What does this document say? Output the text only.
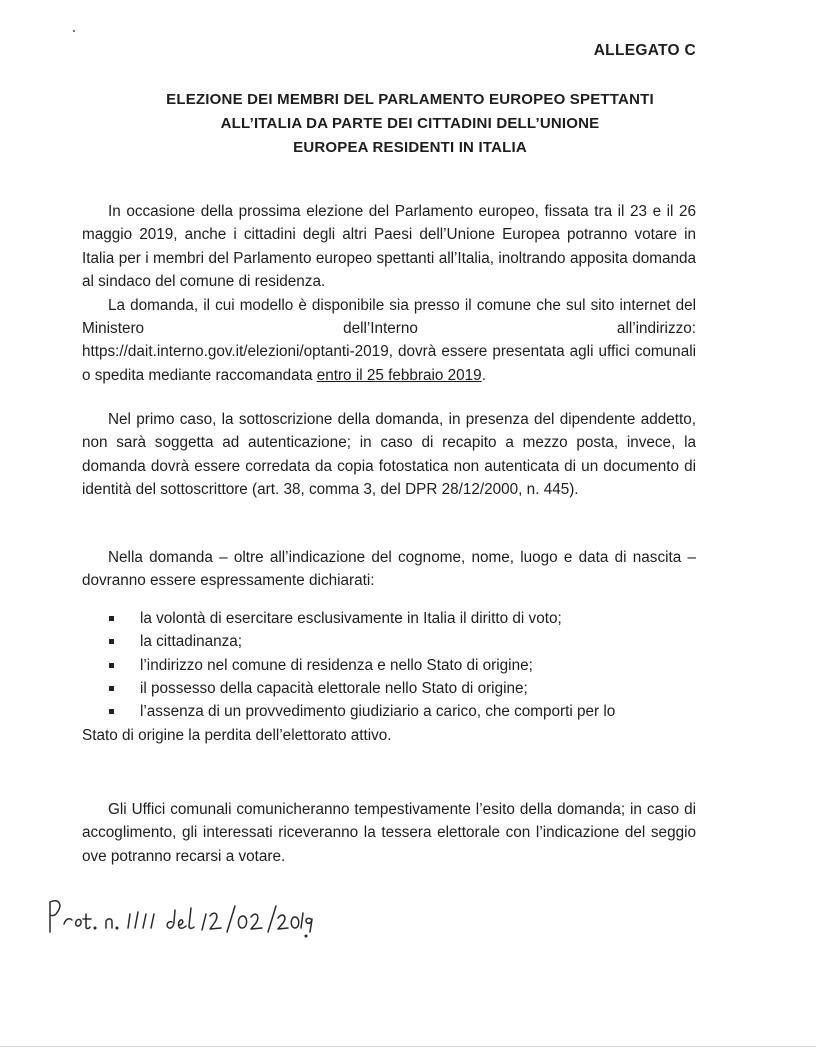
ALLEGATO C
ELEZIONE DEI MEMBRI DEL PARLAMENTO EUROPEO SPETTANTI
ALL’ITALIA DA PARTE DEI CITTADINI DELL’UNIONE
EUROPEA RESIDENTI IN ITALIA

In occasione della prossima elezione del Parlamento europeo, fissata tra il 23 e il 26 maggio 2019, anche i cittadini degli altri Paesi dell’Unione Europea potranno votare in Italia per i membri del Parlamento europeo spettanti all’Italia, inoltrando apposita domanda al sindaco del comune di residenza.

La domanda, il cui modello è disponibile sia presso il comune che sul sito internet del Ministero dell’Interno all’indirizzo:

https://dait.interno.gov.it/elezioni/optanti-2019, dovrà essere presentata agli uffici comunali o spedita mediante raccomandata entro il 25 febbraio 2019.

Nel primo caso, la sottoscrizione della domanda, in presenza del dipendente addetto, non sarà soggetta ad autenticazione; in caso di recapito a mezzo posta, invece, la domanda dovrà essere corredata da copia fotostatica non autenticata di un documento di identità del sottoscrittore (art. 38, comma 3, del DPR 28/12/2000, n. 445).

Nella domanda – oltre all’indicazione del cognome, nome, luogo e data di nascita – dovranno essere espressamente dichiarati:

la volontà di esercitare esclusivamente in Italia il diritto di voto;
la cittadinanza;
l’indirizzo nel comune di residenza e nello Stato di origine;
il possesso della capacità elettorale nello Stato di origine;
l’assenza di un provvedimento giudiziario a carico, che comporti per lo

Stato di origine la perdita dell’elettorato attivo.

Gli Uffici comunali comunicheranno tempestivamente l’esito della domanda; in caso di accoglimento, gli interessati riceveranno la tessera elettorale con l’indicazione del seggio ove potranno recarsi a votare.
